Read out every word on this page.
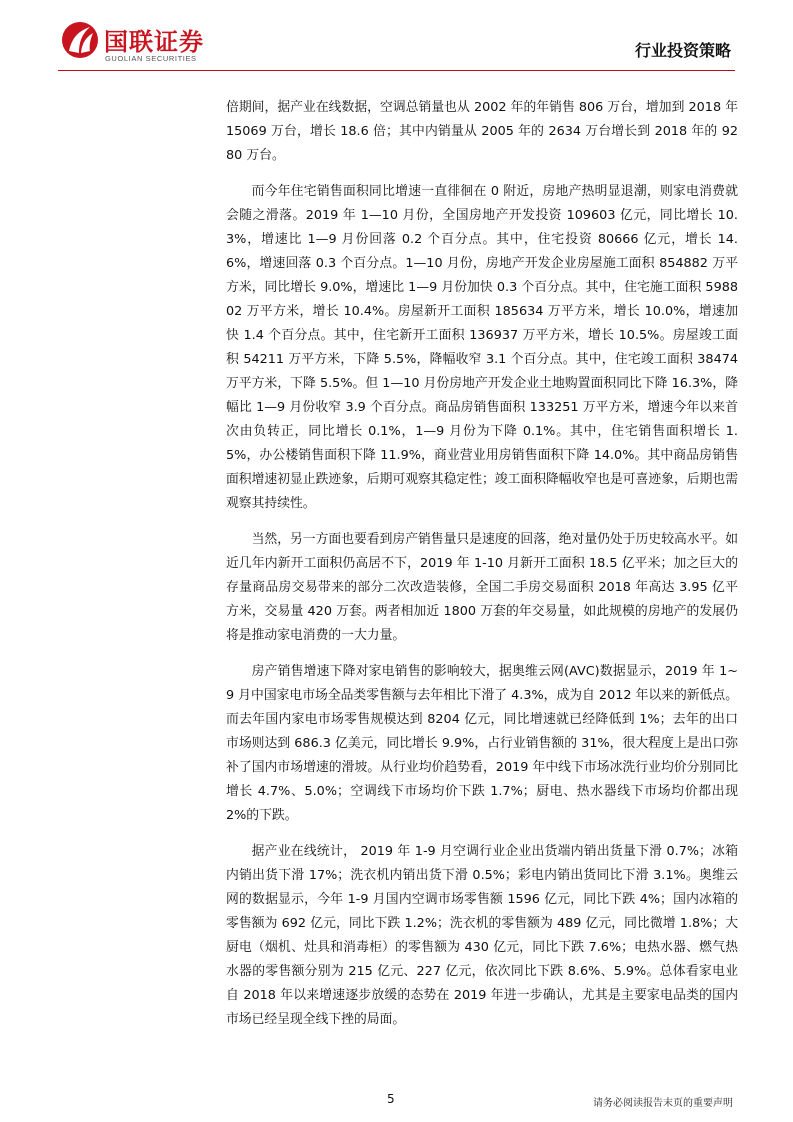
国联证券
GUOLIAN SECURITIES	行业投资策略

倍期间，据产业在线数据，空调总销量也从 2002 年的年销售 806 万台，增加到 2018 年 15069 万台，增长 18.6 倍；其中内销量从 2005 年的 2634 万台增长到 2018 年的 9280 万台。

而今年住宅销售面积同比增速一直徘徊在 0 附近，房地产热明显退潮，则家电消费就会随之滑落。2019 年 1—10 月份，全国房地产开发投资 109603 亿元，同比增长 10.3%，增速比 1—9 月份回落 0.2 个百分点。其中，住宅投资 80666 亿元，增长 14.6%，增速回落 0.3 个百分点。1—10 月份，房地产开发企业房屋施工面积 854882 万平方米，同比增长 9.0%，增速比 1—9 月份加快 0.3 个百分点。其中，住宅施工面积 598802 万平方米，增长 10.4%。房屋新开工面积 185634 万平方米，增长 10.0%，增速加快 1.4 个百分点。其中，住宅新开工面积 136937 万平方米，增长 10.5%。房屋竣工面积 54211 万平方米，下降 5.5%，降幅收窄 3.1 个百分点。其中，住宅竣工面积 38474 万平方米，下降 5.5%。但 1—10 月份房地产开发企业土地购置面积同比下降 16.3%，降幅比 1—9 月份收窄 3.9 个百分点。商品房销售面积 133251 万平方米，增速今年以来首次由负转正，同比增长 0.1%，1—9 月份为下降 0.1%。其中，住宅销售面积增长 1.5%，办公楼销售面积下降 11.9%，商业营业用房销售面积下降 14.0%。其中商品房销售面积增速初显止跌迹象，后期可观察其稳定性；竣工面积降幅收窄也是可喜迹象，后期也需观察其持续性。

当然，另一方面也要看到房产销售量只是速度的回落，绝对量仍处于历史较高水平。如近几年内新开工面积仍高居不下，2019 年 1-10 月新开工面积 18.5 亿平米；加之巨大的存量商品房交易带来的部分二次改造装修，全国二手房交易面积 2018 年高达 3.95 亿平方米，交易量 420 万套。两者相加近 1800 万套的年交易量，如此规模的房地产的发展仍将是推动家电消费的一大力量。

房产销售增速下降对家电销售的影响较大，据奥维云网(AVC)数据显示，2019 年 1~9 月中国家电市场全品类零售额与去年相比下滑了 4.3%，成为自 2012 年以来的新低点。而去年国内家电市场零售规模达到 8204 亿元，同比增速就已经降低到 1%；去年的出口市场则达到 686.3 亿美元，同比增长 9.9%，占行业销售额的 31%，很大程度上是出口弥补了国内市场增速的滑坡。从行业均价趋势看，2019 年中线下市场冰洗行业均价分别同比增长 4.7%、5.0%；空调线下市场均价下跌 1.7%；厨电、热水器线下市场均价都出现 2%的下跌。

据产业在线统计， 2019 年 1-9 月空调行业企业出货端内销出货量下滑 0.7%；冰箱内销出货下滑 17%；洗衣机内销出货下滑 0.5%；彩电内销出货同比下滑 3.1%。奥维云网的数据显示，今年 1-9 月国内空调市场零售额 1596 亿元，同比下跌 4%；国内冰箱的零售额为 692 亿元，同比下跌 1.2%；洗衣机的零售额为 489 亿元，同比微增 1.8%；大厨电（烟机、灶具和消毒柜）的零售额为 430 亿元，同比下跌 7.6%；电热水器、燃气热水器的零售额分别为 215 亿元、227 亿元，依次同比下跌 8.6%、5.9%。总体看家电业自 2018 年以来增速逐步放缓的态势在 2019 年进一步确认，尤其是主要家电品类的国内市场已经呈现全线下挫的局面。

5	请务必阅读报告末页的重要声明
